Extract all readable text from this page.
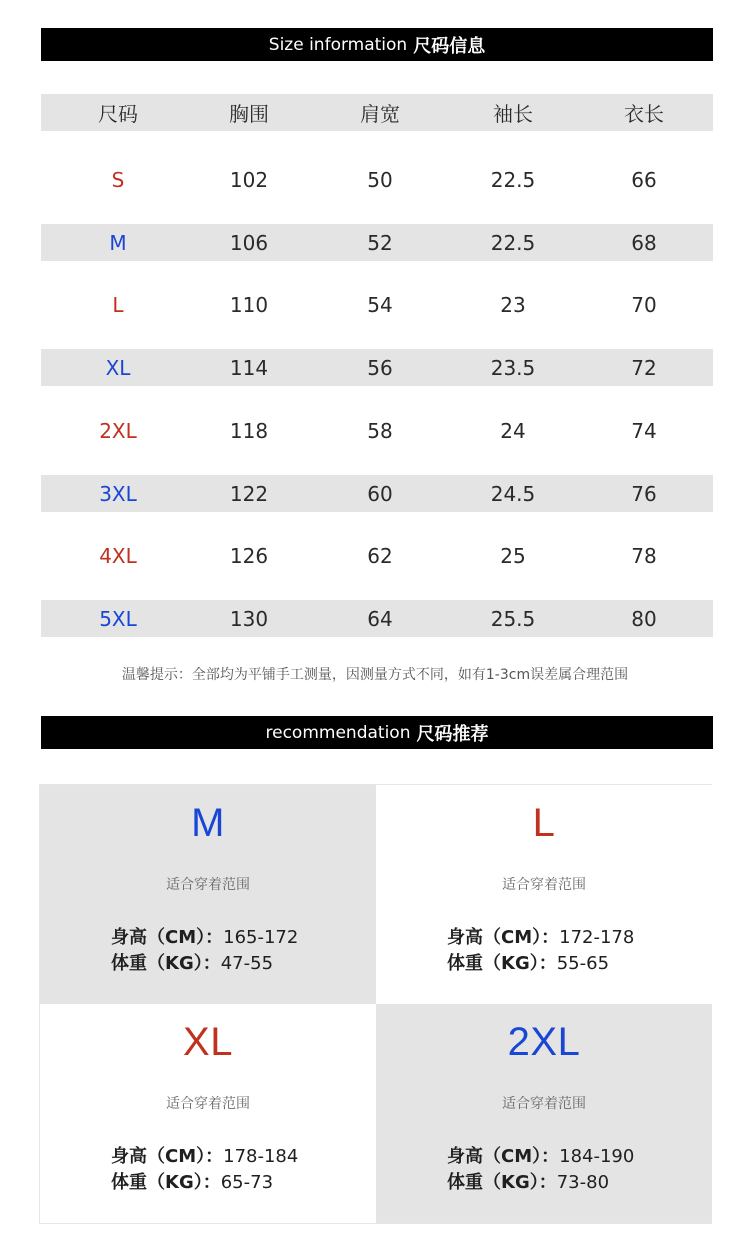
Size information 尺码信息
尺码	胸围	肩宽	袖长	衣长
S	102	50	22.5	66
M	106	52	22.5	68
L	110	54	23	70
XL	114	56	23.5	72
2XL	118	58	24	74
3XL	122	60	24.5	76
4XL	126	62	25	78
5XL	130	64	25.5	80
温馨提示：全部均为平铺手工测量，因测量方式不同，如有1-3cm误差属合理范围
recommendation 尺码推荐
M
适合穿着范围
身高（CM）：165-172
体重（KG）：47-55
L
适合穿着范围
身高（CM）：172-178
体重（KG）：55-65
XL
适合穿着范围
身高（CM）：178-184
体重（KG）：65-73
2XL
适合穿着范围
身高（CM）：184-190
体重（KG）：73-80
